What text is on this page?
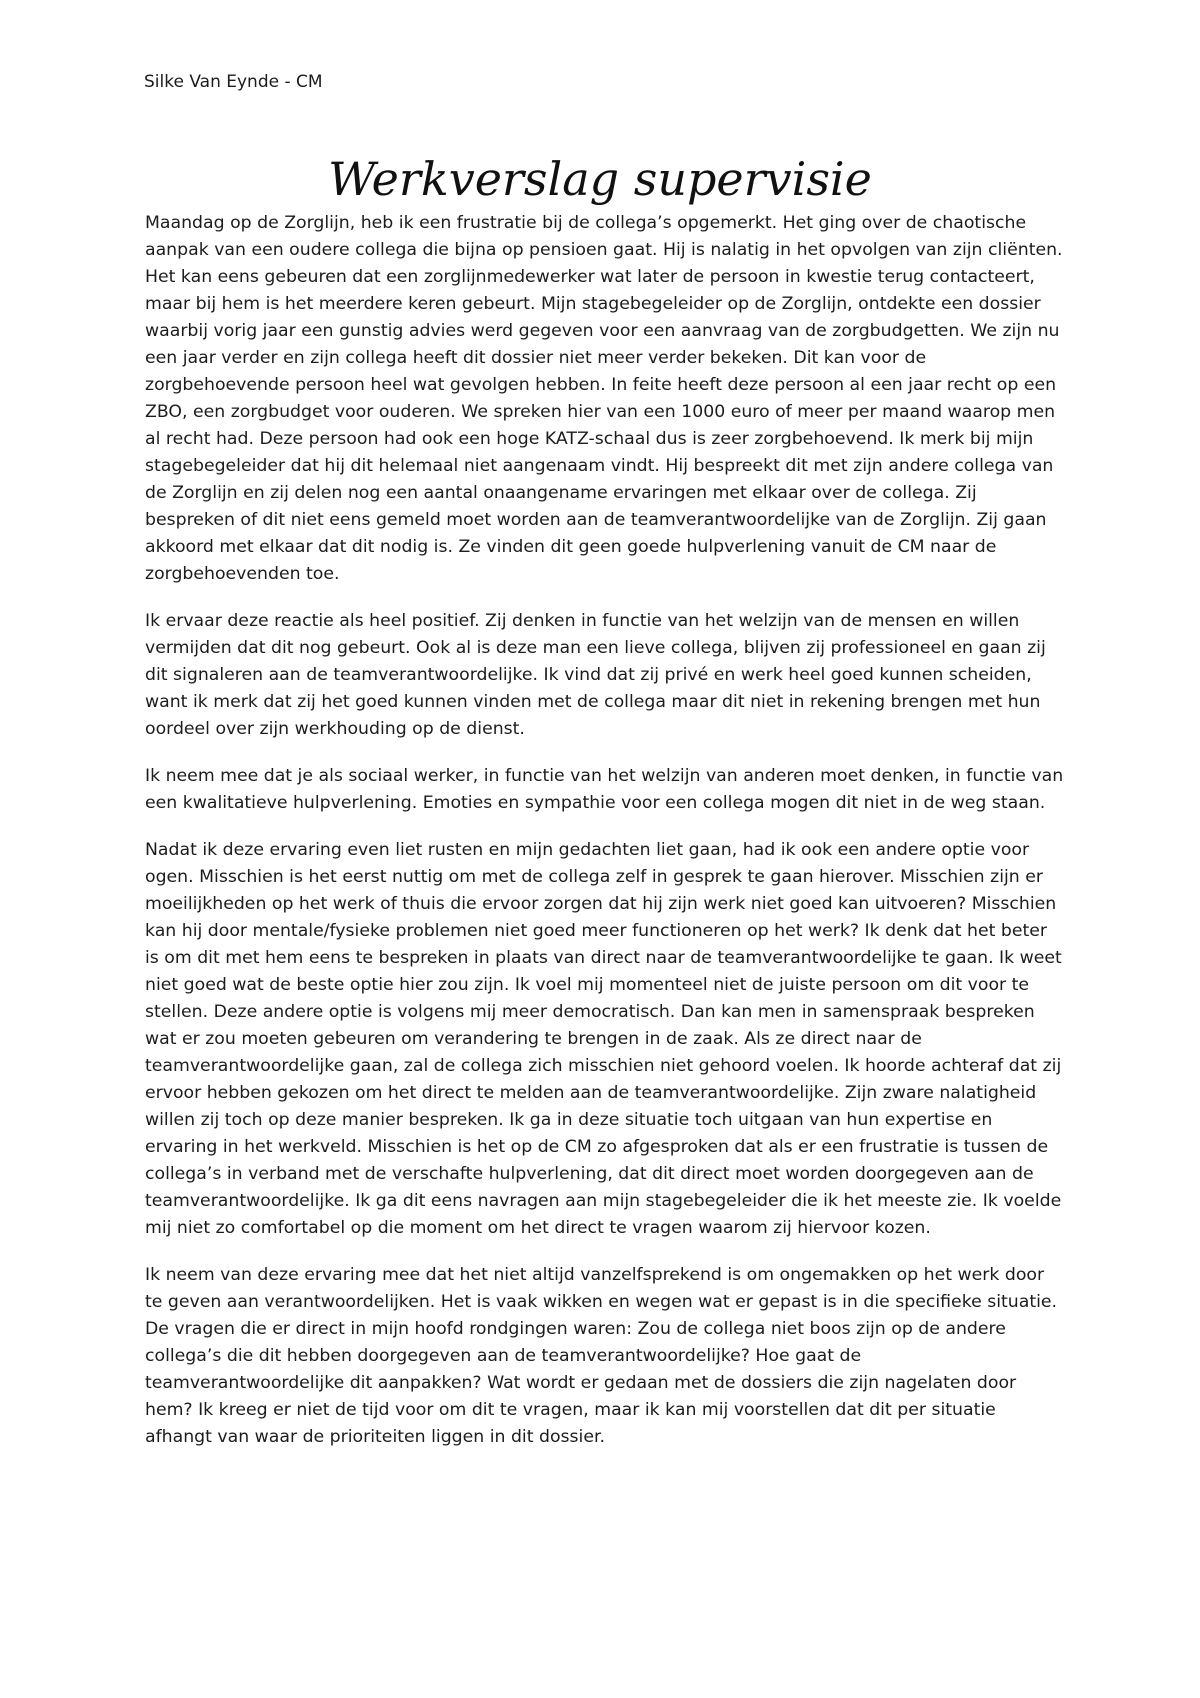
Silke Van Eynde - CM
Werkverslag supervisie

Maandag op de Zorglijn, heb ik een frustratie bij de collega’s opgemerkt. Het ging over de chaotische aanpak van een oudere collega die bijna op pensioen gaat. Hij is nalatig in het opvolgen van zijn cliënten. Het kan eens gebeuren dat een zorglijnmedewerker wat later de persoon in kwestie terug contacteert, maar bij hem is het meerdere keren gebeurt. Mijn stagebegeleider op de Zorglijn, ontdekte een dossier waarbij vorig jaar een gunstig advies werd gegeven voor een aanvraag van de zorgbudgetten. We zijn nu een jaar verder en zijn collega heeft dit dossier niet meer verder bekeken. Dit kan voor de zorgbehoevende persoon heel wat gevolgen hebben. In feite heeft deze persoon al een jaar recht op een ZBO, een zorgbudget voor ouderen. We spreken hier van een 1000 euro of meer per maand waarop men al recht had. Deze persoon had ook een hoge KATZ-schaal dus is zeer zorgbehoevend. Ik merk bij mijn stagebegeleider dat hij dit helemaal niet aangenaam vindt. Hij bespreekt dit met zijn andere collega van de Zorglijn en zij delen nog een aantal onaangename ervaringen met elkaar over de collega. Zij bespreken of dit niet eens gemeld moet worden aan de teamverantwoordelijke van de Zorglijn. Zij gaan akkoord met elkaar dat dit nodig is. Ze vinden dit geen goede hulpverlening vanuit de CM naar de zorgbehoevenden toe.

Ik ervaar deze reactie als heel positief. Zij denken in functie van het welzijn van de mensen en willen vermijden dat dit nog gebeurt. Ook al is deze man een lieve collega, blijven zij professioneel en gaan zij dit signaleren aan de teamverantwoordelijke. Ik vind dat zij privé en werk heel goed kunnen scheiden, want ik merk dat zij het goed kunnen vinden met de collega maar dit niet in rekening brengen met hun oordeel over zijn werkhouding op de dienst.

Ik neem mee dat je als sociaal werker, in functie van het welzijn van anderen moet denken, in functie van een kwalitatieve hulpverlening. Emoties en sympathie voor een collega mogen dit niet in de weg staan.

Nadat ik deze ervaring even liet rusten en mijn gedachten liet gaan, had ik ook een andere optie voor ogen. Misschien is het eerst nuttig om met de collega zelf in gesprek te gaan hierover. Misschien zijn er moeilijkheden op het werk of thuis die ervoor zorgen dat hij zijn werk niet goed kan uitvoeren? Misschien kan hij door mentale/fysieke problemen niet goed meer functioneren op het werk? Ik denk dat het beter is om dit met hem eens te bespreken in plaats van direct naar de teamverantwoordelijke te gaan. Ik weet niet goed wat de beste optie hier zou zijn. Ik voel mij momenteel niet de juiste persoon om dit voor te stellen. Deze andere optie is volgens mij meer democratisch. Dan kan men in samenspraak bespreken wat er zou moeten gebeuren om verandering te brengen in de zaak. Als ze direct naar de teamverantwoordelijke gaan, zal de collega zich misschien niet gehoord voelen. Ik hoorde achteraf dat zij ervoor hebben gekozen om het direct te melden aan de teamverantwoordelijke. Zijn zware nalatigheid willen zij toch op deze manier bespreken. Ik ga in deze situatie toch uitgaan van hun expertise en ervaring in het werkveld. Misschien is het op de CM zo afgesproken dat als er een frustratie is tussen de collega’s in verband met de verschafte hulpverlening, dat dit direct moet worden doorgegeven aan de teamverantwoordelijke. Ik ga dit eens navragen aan mijn stagebegeleider die ik het meeste zie. Ik voelde mij niet zo comfortabel op die moment om het direct te vragen waarom zij hiervoor kozen.

Ik neem van deze ervaring mee dat het niet altijd vanzelfsprekend is om ongemakken op het werk door te geven aan verantwoordelijken. Het is vaak wikken en wegen wat er gepast is in die specifieke situatie. De vragen die er direct in mijn hoofd rondgingen waren: Zou de collega niet boos zijn op de andere collega’s die dit hebben doorgegeven aan de teamverantwoordelijke? Hoe gaat de teamverantwoordelijke dit aanpakken? Wat wordt er gedaan met de dossiers die zijn nagelaten door hem? Ik kreeg er niet de tijd voor om dit te vragen, maar ik kan mij voorstellen dat dit per situatie afhangt van waar de prioriteiten liggen in dit dossier.
